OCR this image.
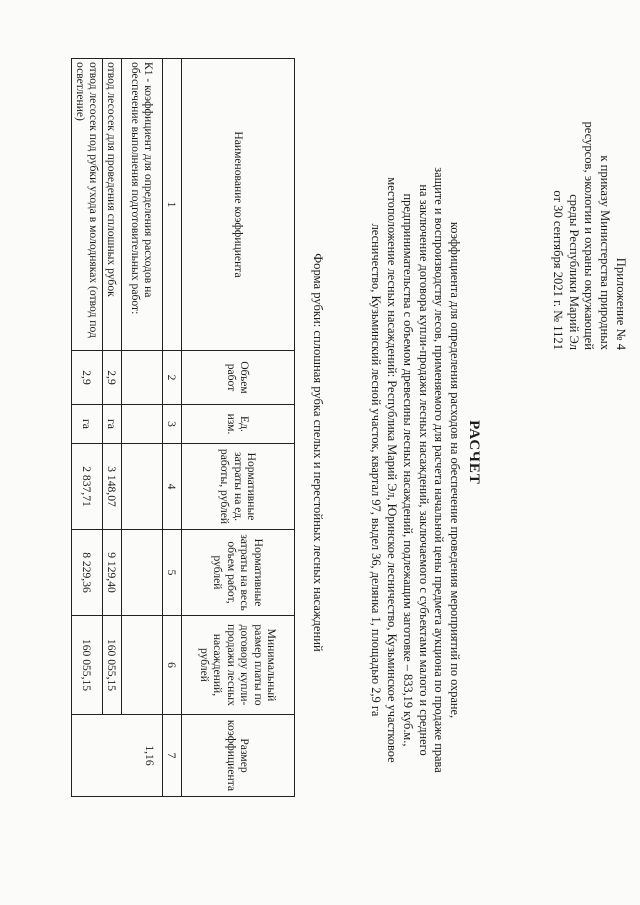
Приложение № 4
к приказу Министерства природных
ресурсов, экологии и охраны окружающей
среды Республики Марий Эл
от 30 сентября 2021 г. № 1121
РАСЧЕТ
коэффициента для определения расходов на обеспечение проведения мероприятий по охране,
защите и воспроизводству лесов, применяемого для расчета начальной цены предмета аукциона по продаже права
на заключение договора купли-продажи лесных насаждений, заключаемого с субъектами малого и среднего
предпринимательства с объемом древесины лесных насаждений, подлежащим заготовке – 833,19 куб.м.,
местоположение лесных насаждений: Республика Марий Эл, Юринское лесничество, Кузьминское участковое
лесничество, Кузьминский лесной участок, квартал 97, выдел 36, делянка 1, площадью 2,9 га
Форма рубки: сплошная рубка спелых и перестойных лесных насаждений
Наименование коэффициента	Объем работ	Ед. изм.	Нормативные затраты на ед. работы, рублей	Нормативные затраты на весь объем работ, рублей	Минимальный размер платы по договору купли-продажи лесных насаждений, рублей	Размер коэффициента
1	2	3	4	5	6	7
К1 - коэффициент для определения расходов на обеспечение выполнения подготовительных работ:						1,16
отвод лесосек для проведения сплошных рубок	2,9	га	3 148,07	9 129,40	160 055,15	
отвод лесосек под рубки ухода в молодняках (отвод под осветление)	2,9	га	2 837,71	8 229,36	160 055,15	
